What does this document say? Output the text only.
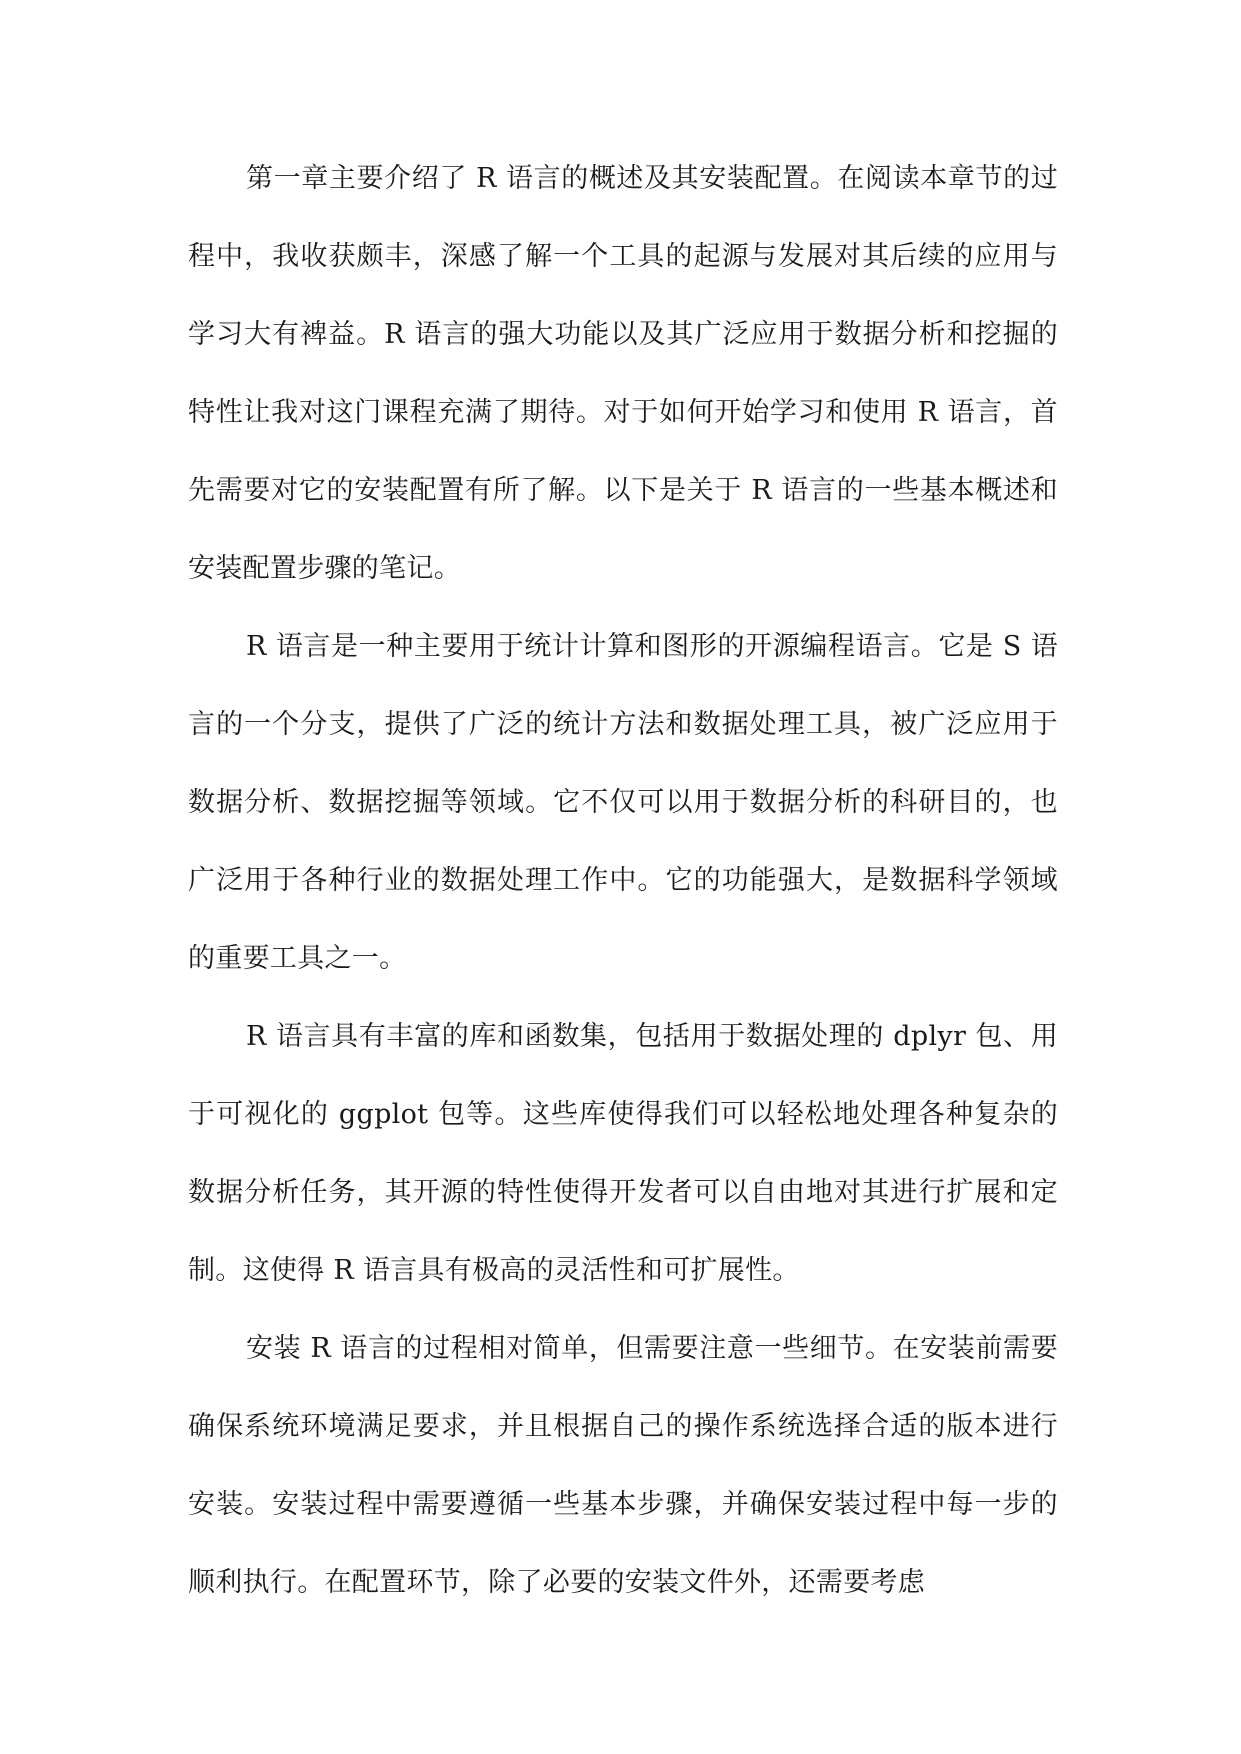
第一章主要介绍了 R 语言的概述及其安装配置。在阅读本章节的过程中，我收获颇丰，深感了解一个工具的起源与发展对其后续的应用与学习大有裨益。R 语言的强大功能以及其广泛应用于数据分析和挖掘的特性让我对这门课程充满了期待。对于如何开始学习和使用 R 语言，首先需要对它的安装配置有所了解。以下是关于 R 语言的一些基本概述和安装配置步骤的笔记。

R 语言是一种主要用于统计计算和图形的开源编程语言。它是 S 语言的一个分支，提供了广泛的统计方法和数据处理工具，被广泛应用于数据分析、数据挖掘等领域。它不仅可以用于数据分析的科研目的，也广泛用于各种行业的数据处理工作中。它的功能强大，是数据科学领域的重要工具之一。

R 语言具有丰富的库和函数集，包括用于数据处理的 dplyr 包、用于可视化的 ggplot 包等。这些库使得我们可以轻松地处理各种复杂的数据分析任务，其开源的特性使得开发者可以自由地对其进行扩展和定制。这使得 R 语言具有极高的灵活性和可扩展性。

安装 R 语言的过程相对简单，但需要注意一些细节。在安装前需要确保系统环境满足要求，并且根据自己的操作系统选择合适的版本进行安装。安装过程中需要遵循一些基本步骤，并确保安装过程中每一步的顺利执行。在配置环节，除了必要的安装文件外，还需要考虑
